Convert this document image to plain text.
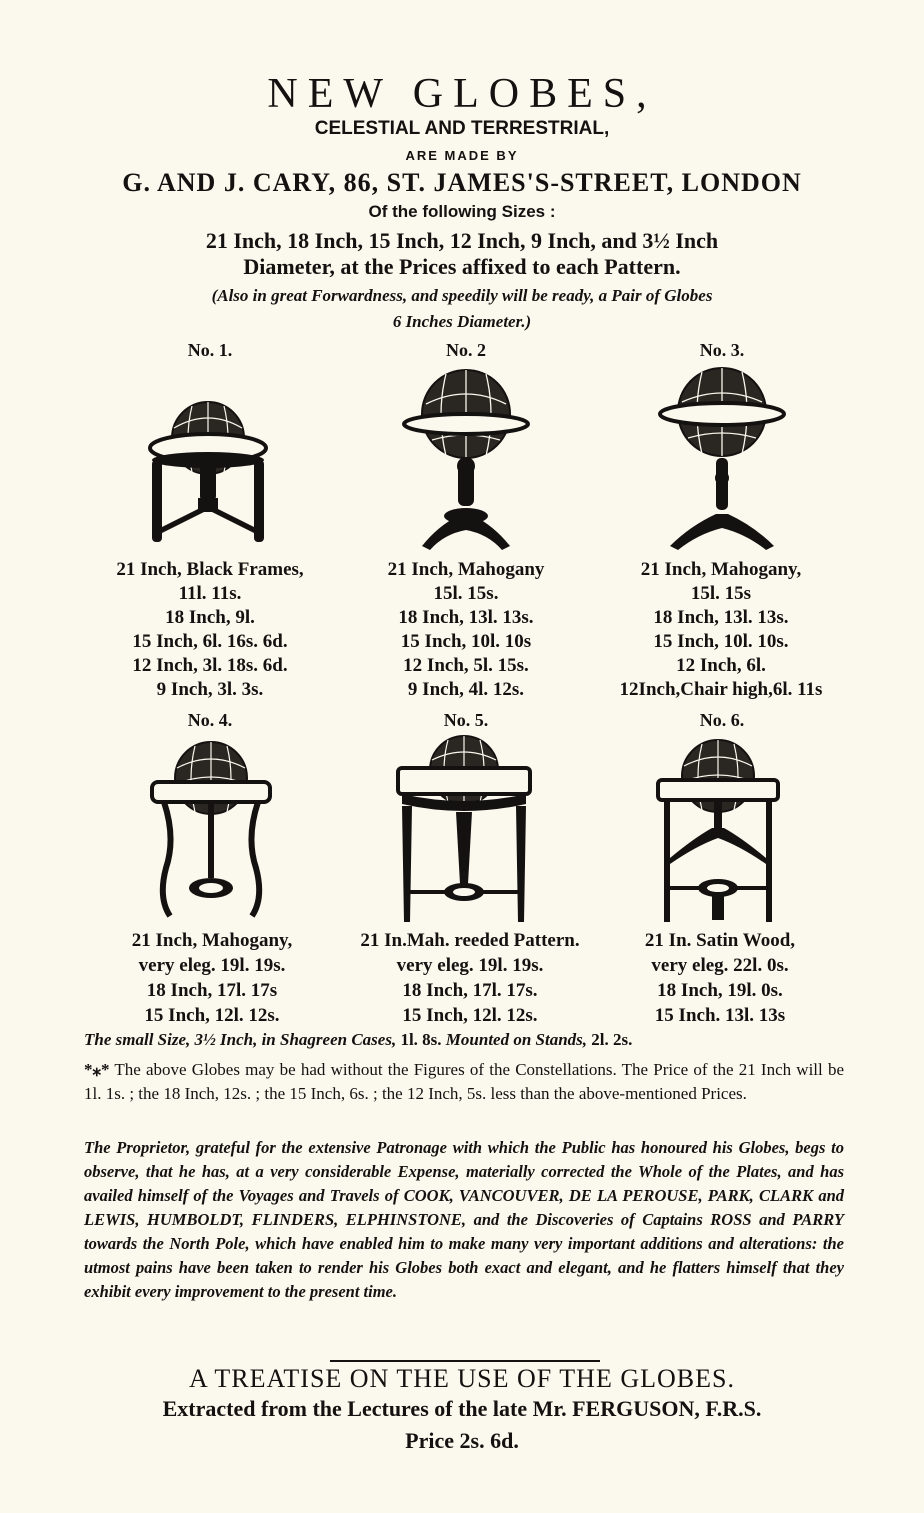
NEW GLOBES,
CELESTIAL AND TERRESTRIAL,
ARE MADE BY
G. AND J. CARY, 86, ST. JAMES'S-STREET, LONDON
Of the following Sizes :
21 Inch, 18 Inch, 15 Inch, 12 Inch, 9 Inch, and 3½ Inch
Diameter, at the Prices affixed to each Pattern.
(Also in great Forwardness, and speedily will be ready, a Pair of Globes
6 Inches Diameter.)
No. 1.	No. 2	No. 3.
21 Inch, Black Frames,
11l. 11s.
18 Inch, 9l.
15 Inch, 6l. 16s. 6d.
12 Inch, 3l. 18s. 6d.
9 Inch, 3l. 3s.
21 Inch, Mahogany
15l. 15s.
18 Inch, 13l. 13s.
15 Inch, 10l. 10s
12 Inch, 5l. 15s.
9 Inch, 4l. 12s.
21 Inch, Mahogany,
15l. 15s
18 Inch, 13l. 13s.
15 Inch, 10l. 10s.
12 Inch, 6l.
12Inch,Chair high,6l. 11s
No. 4.	No. 5.	No. 6.
21 Inch, Mahogany,
very eleg. 19l. 19s.
18 Inch, 17l. 17s
15 Inch, 12l. 12s.
21 In.Mah. reeded Pattern.
very eleg. 19l. 19s.
18 Inch, 17l. 17s.
15 Inch, 12l. 12s.
21 In. Satin Wood,
very eleg. 22l. 0s.
18 Inch, 19l. 0s.
15 Inch. 13l. 13s
The small Size, 3½ Inch, in Shagreen Cases, 1l. 8s. Mounted on Stands, 2l. 2s.
*⁎* The above Globes may be had without the Figures of the Constellations. The Price of the 21 Inch will be 1l. 1s. ; the 18 Inch, 12s. ; the 15 Inch, 6s. ; the 12 Inch, 5s. less than the above-mentioned Prices.
The Proprietor, grateful for the extensive Patronage with which the Public has honoured his Globes, begs to observe, that he has, at a very considerable Expense, materially corrected the Whole of the Plates, and has availed himself of the Voyages and Travels of COOK, VANCOUVER, DE LA PEROUSE, PARK, CLARK and LEWIS, HUMBOLDT, FLINDERS, ELPHINSTONE, and the Discoveries of Captains ROSS and PARRY towards the North Pole, which have enabled him to make many very important additions and alterations: the utmost pains have been taken to render his Globes both exact and elegant, and he flatters himself that they exhibit every improvement to the present time.
A TREATISE ON THE USE OF THE GLOBES.
Extracted from the Lectures of the late Mr. FERGUSON, F.R.S.
Price 2s. 6d.
